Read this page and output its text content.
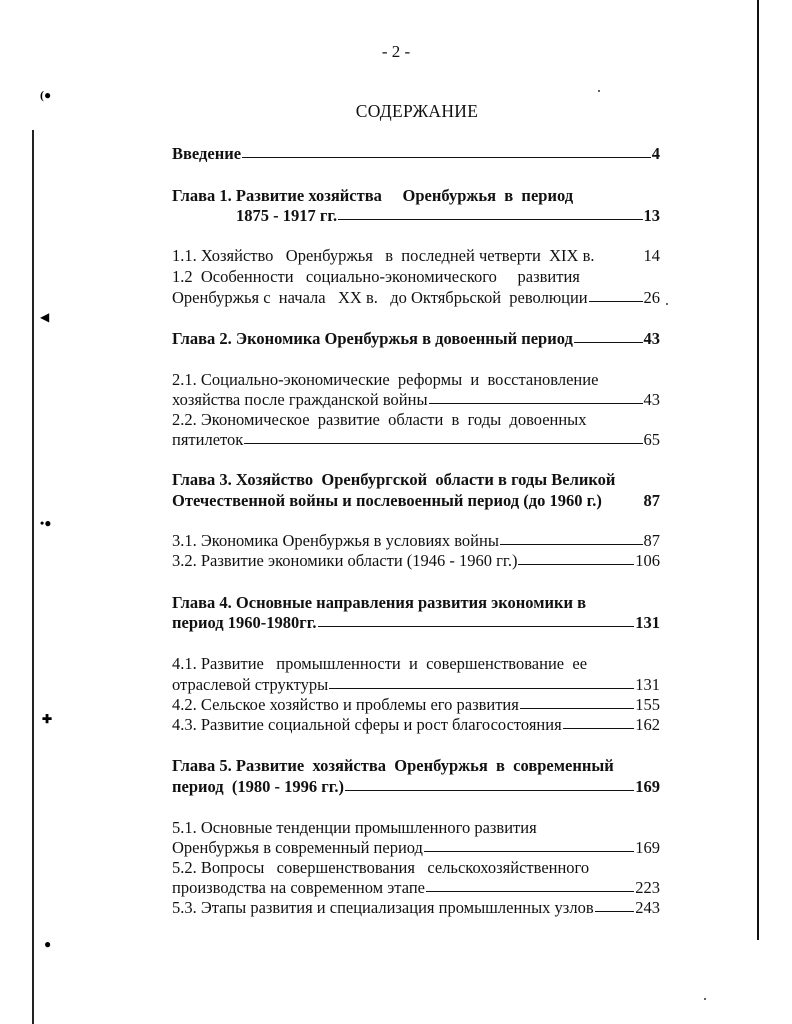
(●
◀
•●
✚
●
- 2 -
СОДЕРЖАНИЕ
Введение	4
Глава 1. Развитие хозяйства     Оренбуржья  в  период
1875 - 1917 гг.	13
1.1. Хозяйство   Оренбуржья   в  последней четверти  XIX в.	14
1.2  Особенности   социально-экономического     развития
Оренбуржья с  начала   XX в.   до Октябрьской  революции	26
Глава 2. Экономика Оренбуржья в довоенный период	43
2.1. Социально-экономические  реформы  и  восстановление
хозяйства после гражданской войны	43
2.2. Экономическое  развитие  области  в  годы  довоенных
пятилеток	65
Глава 3. Хозяйство  Оренбургской  области в годы Великой
Отечественной войны и послевоенный период (до 1960 г.)	87
3.1. Экономика Оренбуржья в условиях войны	87
3.2. Развитие экономики области (1946 - 1960 гг.)	106
Глава 4. Основные направления развития экономики в
период 1960-1980гг.	131
4.1. Развитие   промышленности  и  совершенствование  ее
отраслевой структуры	131
4.2. Сельское хозяйство и проблемы его развития	155
4.3. Развитие социальной сферы и рост благосостояния	162
Глава 5. Развитие  хозяйства  Оренбуржья  в  современный
период  (1980 - 1996 гг.)	169
5.1. Основные тенденции промышленного развития
Оренбуржья в современный период	169
5.2. Вопросы   совершенствования   сельскохозяйственного
производства на современном этапе	223
5.3. Этапы развития и специализация промышленных узлов	243
